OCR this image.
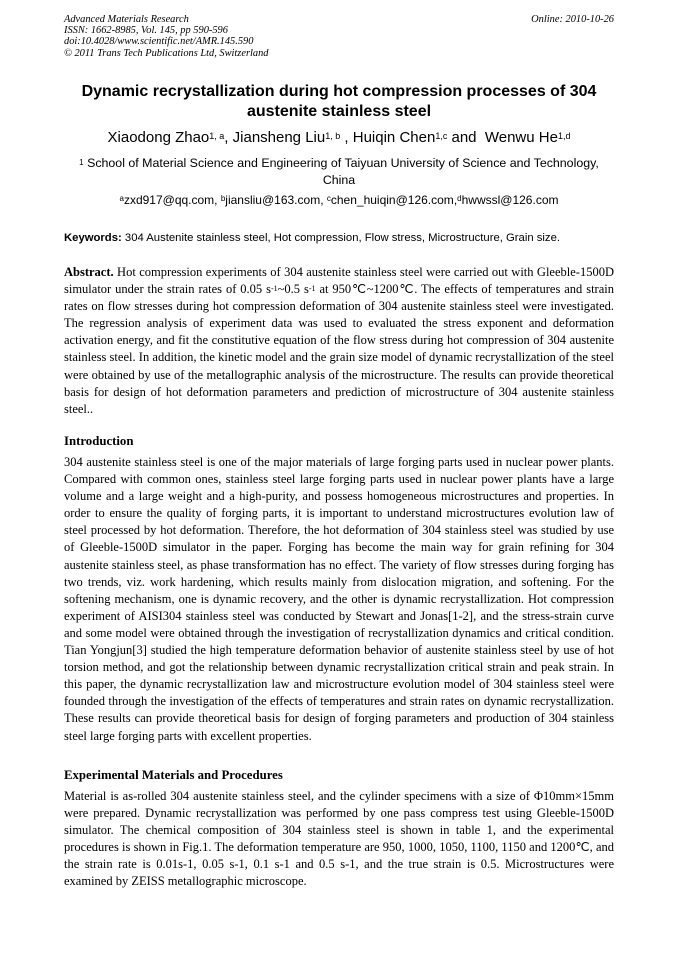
Advanced Materials Research
ISSN: 1662-8985, Vol. 145, pp 590-596
doi:10.4028/www.scientific.net/AMR.145.590
© 2011 Trans Tech Publications Ltd, Switzerland
Online: 2010-10-26
Dynamic recrystallization during hot compression processes of 304 austenite stainless steel
Xiaodong Zhao$^{1, a}$, Jiansheng Liu$^{1, b}$ , Huiqin Chen$^{1,c}$ and  Wenwu He$^{1,d}$
$^1$ School of Material Science and Engineering of Taiyuan University of Science and Technology, China
$^a$zxd917@qq.com, $^b$jiansliu@163.com, $^c$chen_huiqin@126.com,$^d$hwwssl@126.com
Keywords: 304 Austenite stainless steel, Hot compression, Flow stress, Microstructure, Grain size.
Abstract. Hot compression experiments of 304 austenite stainless steel were carried out with Gleeble-1500D simulator under the strain rates of 0.05 $s^{-1}\sim 0.5$ $s^{-1}$ at 950℃~1200℃. The effects of temperatures and strain rates on flow stresses during hot compression deformation of 304 austenite stainless steel were investigated. The regression analysis of experiment data was used to evaluated the stress exponent and deformation activation energy, and fit the constitutive equation of the flow stress during hot compression of 304 austenite stainless steel. In addition, the kinetic model and the grain size model of dynamic recrystallization of the steel were obtained by use of the metallographic analysis of the microstructure. The results can provide theoretical basis for design of hot deformation parameters and prediction of microstructure of 304 austenite stainless steel..
Introduction
304 austenite stainless steel is one of the major materials of large forging parts used in nuclear power plants. Compared with common ones, stainless steel large forging parts used in nuclear power plants have a large volume and a large weight and a high-purity, and possess homogeneous microstructures and properties. In order to ensure the quality of forging parts, it is important to understand microstructures evolution law of steel processed by hot deformation. Therefore, the hot deformation of 304 stainless steel was studied by use of Gleeble-1500D simulator in the paper. Forging has become the main way for grain refining for 304 austenite stainless steel, as phase transformation has no effect. The variety of flow stresses during forging has two trends, viz. work hardening, which results mainly from dislocation migration, and softening. For the softening mechanism, one is dynamic recovery, and the other is dynamic recrystallization. Hot compression experiment of AISI304 stainless steel was conducted by Stewart and Jonas[1-2], and the stress-strain curve and some model were obtained through the investigation of recrystallization dynamics and critical condition. Tian Yongjun[3] studied the high temperature deformation behavior of austenite stainless steel by use of hot torsion method, and got the relationship between dynamic recrystallization critical strain and peak strain. In this paper, the dynamic recrystallization law and microstructure evolution model of 304 stainless steel were founded through the investigation of the effects of temperatures and strain rates on dynamic recrystallization. These results can provide theoretical basis for design of forging parameters and production of 304 stainless steel large forging parts with excellent properties.
Experimental Materials and Procedures
Material is as-rolled 304 austenite stainless steel, and the cylinder specimens with a size of Φ10mm×15mm were prepared. Dynamic recrystallization was performed by one pass compress test using Gleeble-1500D simulator. The chemical composition of 304 stainless steel is shown in table 1, and the experimental procedures is shown in Fig.1. The deformation temperature are 950, 1000, 1050, 1100, 1150 and 1200℃, and the strain rate is 0.01s-1, 0.05 s-1, 0.1 s-1 and 0.5 s-1, and the true strain is 0.5. Microstructures were examined by ZEISS metallographic microscope.
